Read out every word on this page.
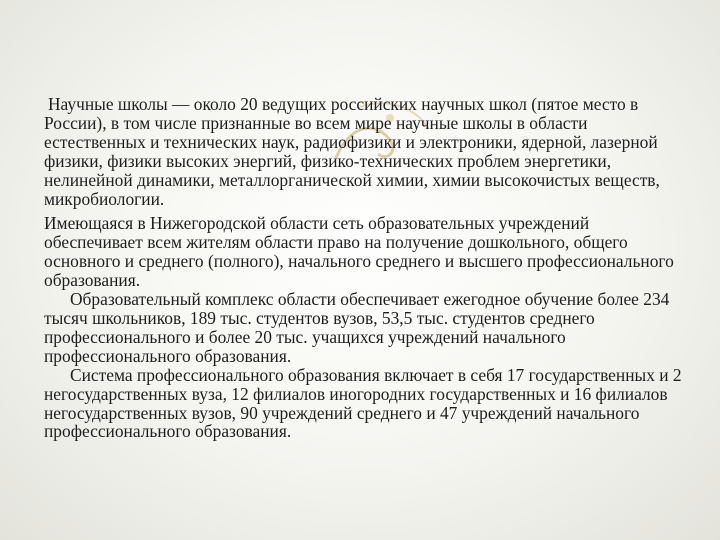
Научные школы — около 20 ведущих российских научных школ (пятое место в России), в том числе признанные во всем мире научные школы в области естественных и технических наук, радиофизики и электроники, ядерной, лазерной физики, физики высоких энергий, физико-технических проблем энергетики, нелинейной динамики, металлорганической химии, химии высокочистых веществ, микробиологии.

Имеющаяся в Нижегородской области сеть образовательных учреждений обеспечивает всем жителям области право на получение дошкольного, общего основного и среднего (полного), начального среднего и высшего профессионального образования.

Образовательный комплекс области обеспечивает ежегодное обучение более 234 тысяч школьников, 189 тыс. студентов вузов, 53,5 тыс. студентов среднего профессионального и более 20 тыс. учащихся учреждений начального профессионального образования.

Система профессионального образования включает в себя 17 государственных и 2 негосударственных вуза, 12 филиалов иногородних государственных и 16 филиалов негосударственных вузов, 90 учреждений среднего и 47 учреждений начального профессионального образования.
